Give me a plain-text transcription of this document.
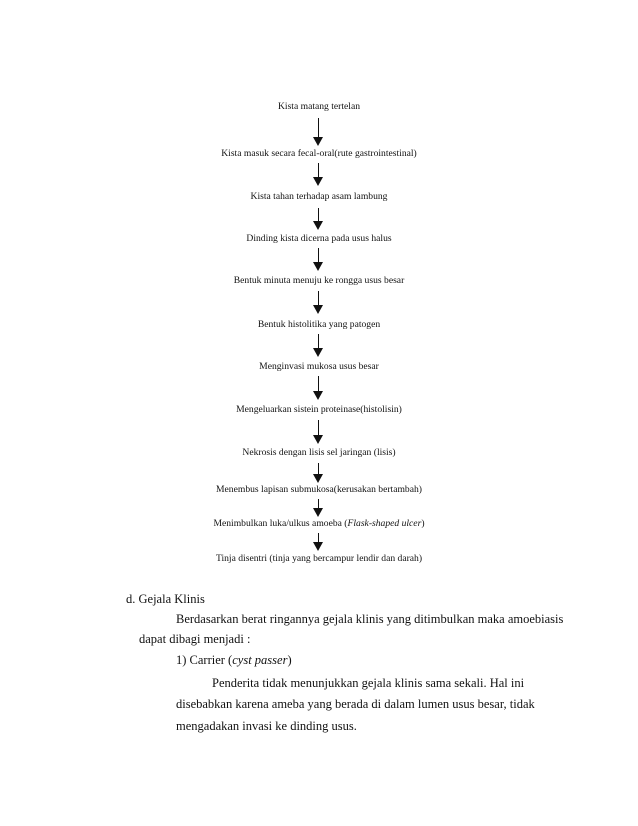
Kista matang tertelan
Kista masuk secara fecal-oral(rute gastrointestinal)
Kista tahan terhadap asam lambung
Dinding kista dicerna pada usus halus
Bentuk minuta menuju ke rongga usus besar
Bentuk histolitika yang patogen
Menginvasi mukosa usus besar
Mengeluarkan sistein proteinase(histolisin)
Nekrosis dengan lisis sel jaringan (lisis)
Menembus lapisan submukosa(kerusakan bertambah)
Menimbulkan luka/ulkus amoeba (Flask-shaped ulcer)
Tinja disentri (tinja yang bercampur lendir dan darah)
d. Gejala Klinis
Berdasarkan berat ringannya gejala klinis yang ditimbulkan maka amoebiasis
dapat dibagi menjadi :
1) Carrier (cyst passer)
Penderita tidak menunjukkan gejala klinis sama sekali. Hal ini
disebabkan karena ameba yang berada di dalam lumen usus besar, tidak
mengadakan invasi ke dinding usus.
